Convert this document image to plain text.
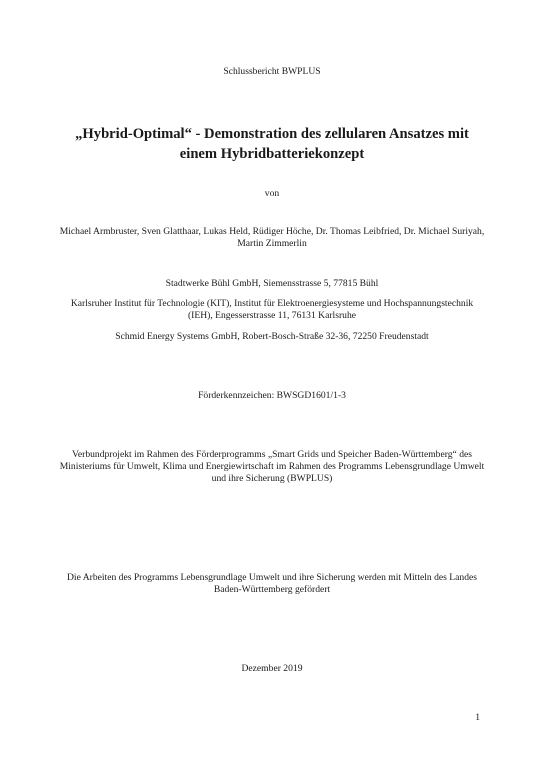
Schlussbericht BWPLUS

„Hybrid-Optimal“ - Demonstration des zellularen Ansatzes mit einem Hybridbatteriekonzept

von

Michael Armbruster, Sven Glatthaar, Lukas Held, Rüdiger Höche, Dr. Thomas Leibfried, Dr. Michael Suriyah, Martin Zimmerlin

Stadtwerke Bühl GmbH, Siemensstrasse 5, 77815 Bühl

Karlsruher Institut für Technologie (KIT), Institut für Elektroenergiesysteme und Hochspannungstechnik (IEH), Engesserstrasse 11, 76131 Karlsruhe

Schmid Energy Systems GmbH, Robert-Bosch-Straße 32-36, 72250 Freudenstadt

Förderkennzeichen: BWSGD1601/1-3

Verbundprojekt im Rahmen des Förderprogramms „Smart Grids und Speicher Baden-Württemberg“ des Ministeriums für Umwelt, Klima und Energiewirtschaft im Rahmen des Programms Lebensgrundlage Umwelt und ihre Sicherung (BWPLUS)

Die Arbeiten des Programms Lebensgrundlage Umwelt und ihre Sicherung werden mit Mitteln des Landes Baden-Württemberg gefördert

Dezember 2019

1
